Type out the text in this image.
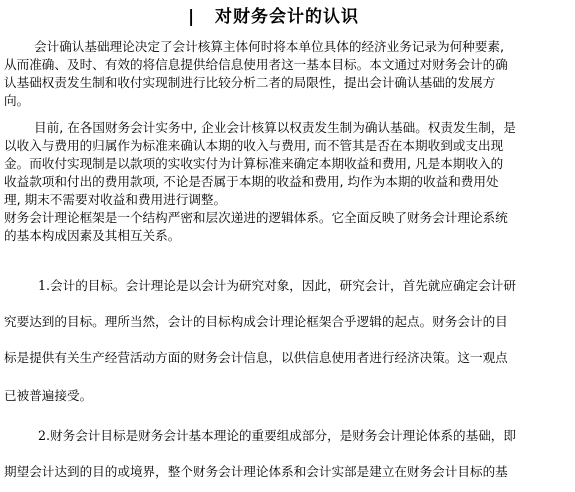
| 对财务会计的认识
会计确认基础理论决定了会计核算主体何时将本单位具体的经济业务记录为何种要素,
从而准确、及时、有效的将信息提供给信息使用者这一基本目标。本文通过对财务会计的确
认基础权责发生制和收付实现制进行比较分析二者的局限性，提出会计确认基础的发展方
向。
目前, 在各国财务会计实务中, 企业会计核算以权责发生制为确认基础。权责发生制，是
以收入与费用的归属作为标准来确认本期的收入与费用, 而不管其是否在本期收到或支出现
金。而收付实现制是以款项的实收实付为计算标准来确定本期收益和费用, 凡是本期收入的
收益款项和付出的费用款项, 不论是否属于本期的收益和费用, 均作为本期的收益和费用处
理, 期末不需要对收益和费用进行调整。
财务会计理论框架是一个结构严密和层次递进的逻辑体系。它全面反映了财务会计理论系统
的基本构成因素及其相互关系。
1.会计的目标。会计理论是以会计为研究对象，因此，研究会计，首先就应确定会计研
究要达到的目标。理所当然，会计的目标构成会计理论框架合乎逻辑的起点。财务会计的目
标是提供有关生产经营活动方面的财务会计信息，以供信息使用者进行经济决策。这一观点
已被普遍接受。
2.财务会计目标是财务会计基本理论的重要组成部分，是财务会计理论体系的基础，即
期望会计达到的目的或境界，整个财务会计理论体系和会计实部是建立在财务会计目标的基
